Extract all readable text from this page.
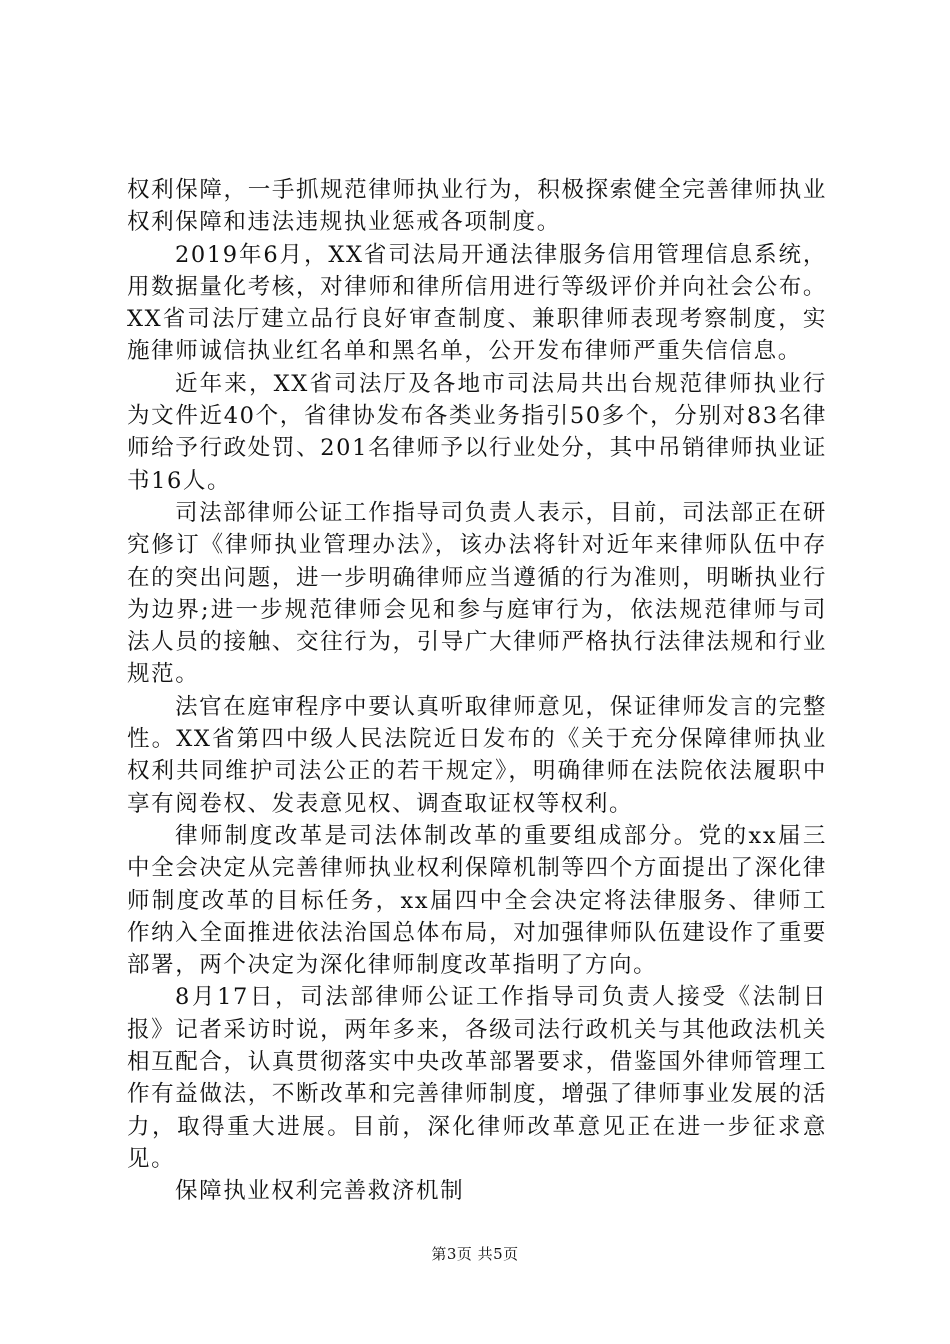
权利保障，一手抓规范律师执业行为，积极探索健全完善律师执业权利保障和违法违规执业惩戒各项制度。

2019年6月，XX省司法局开通法律服务信用管理信息系统，用数据量化考核，对律师和律所信用进行等级评价并向社会公布。XX省司法厅建立品行良好审查制度、兼职律师表现考察制度，实施律师诚信执业红名单和黑名单，公开发布律师严重失信信息。

近年来，XX省司法厅及各地市司法局共出台规范律师执业行为文件近40个，省律协发布各类业务指引50多个，分别对83名律师给予行政处罚、201名律师予以行业处分，其中吊销律师执业证书16人。

司法部律师公证工作指导司负责人表示，目前，司法部正在研究修订《律师执业管理办法》，该办法将针对近年来律师队伍中存在的突出问题，进一步明确律师应当遵循的行为准则，明晰执业行为边界;进一步规范律师会见和参与庭审行为，依法规范律师与司法人员的接触、交往行为，引导广大律师严格执行法律法规和行业规范。

法官在庭审程序中要认真听取律师意见，保证律师发言的完整性。XX省第四中级人民法院近日发布的《关于充分保障律师执业权利共同维护司法公正的若干规定》，明确律师在法院依法履职中享有阅卷权、发表意见权、调查取证权等权利。

律师制度改革是司法体制改革的重要组成部分。党的xx届三中全会决定从完善律师执业权利保障机制等四个方面提出了深化律师制度改革的目标任务，xx届四中全会决定将法律服务、律师工作纳入全面推进依法治国总体布局，对加强律师队伍建设作了重要部署，两个决定为深化律师制度改革指明了方向。

8月17日，司法部律师公证工作指导司负责人接受《法制日报》记者采访时说，两年多来，各级司法行政机关与其他政法机关相互配合，认真贯彻落实中央改革部署要求，借鉴国外律师管理工作有益做法，不断改革和完善律师制度，增强了律师事业发展的活力，取得重大进展。目前，深化律师改革意见正在进一步征求意见。

保障执业权利完善救济机制

第3页 共5页
